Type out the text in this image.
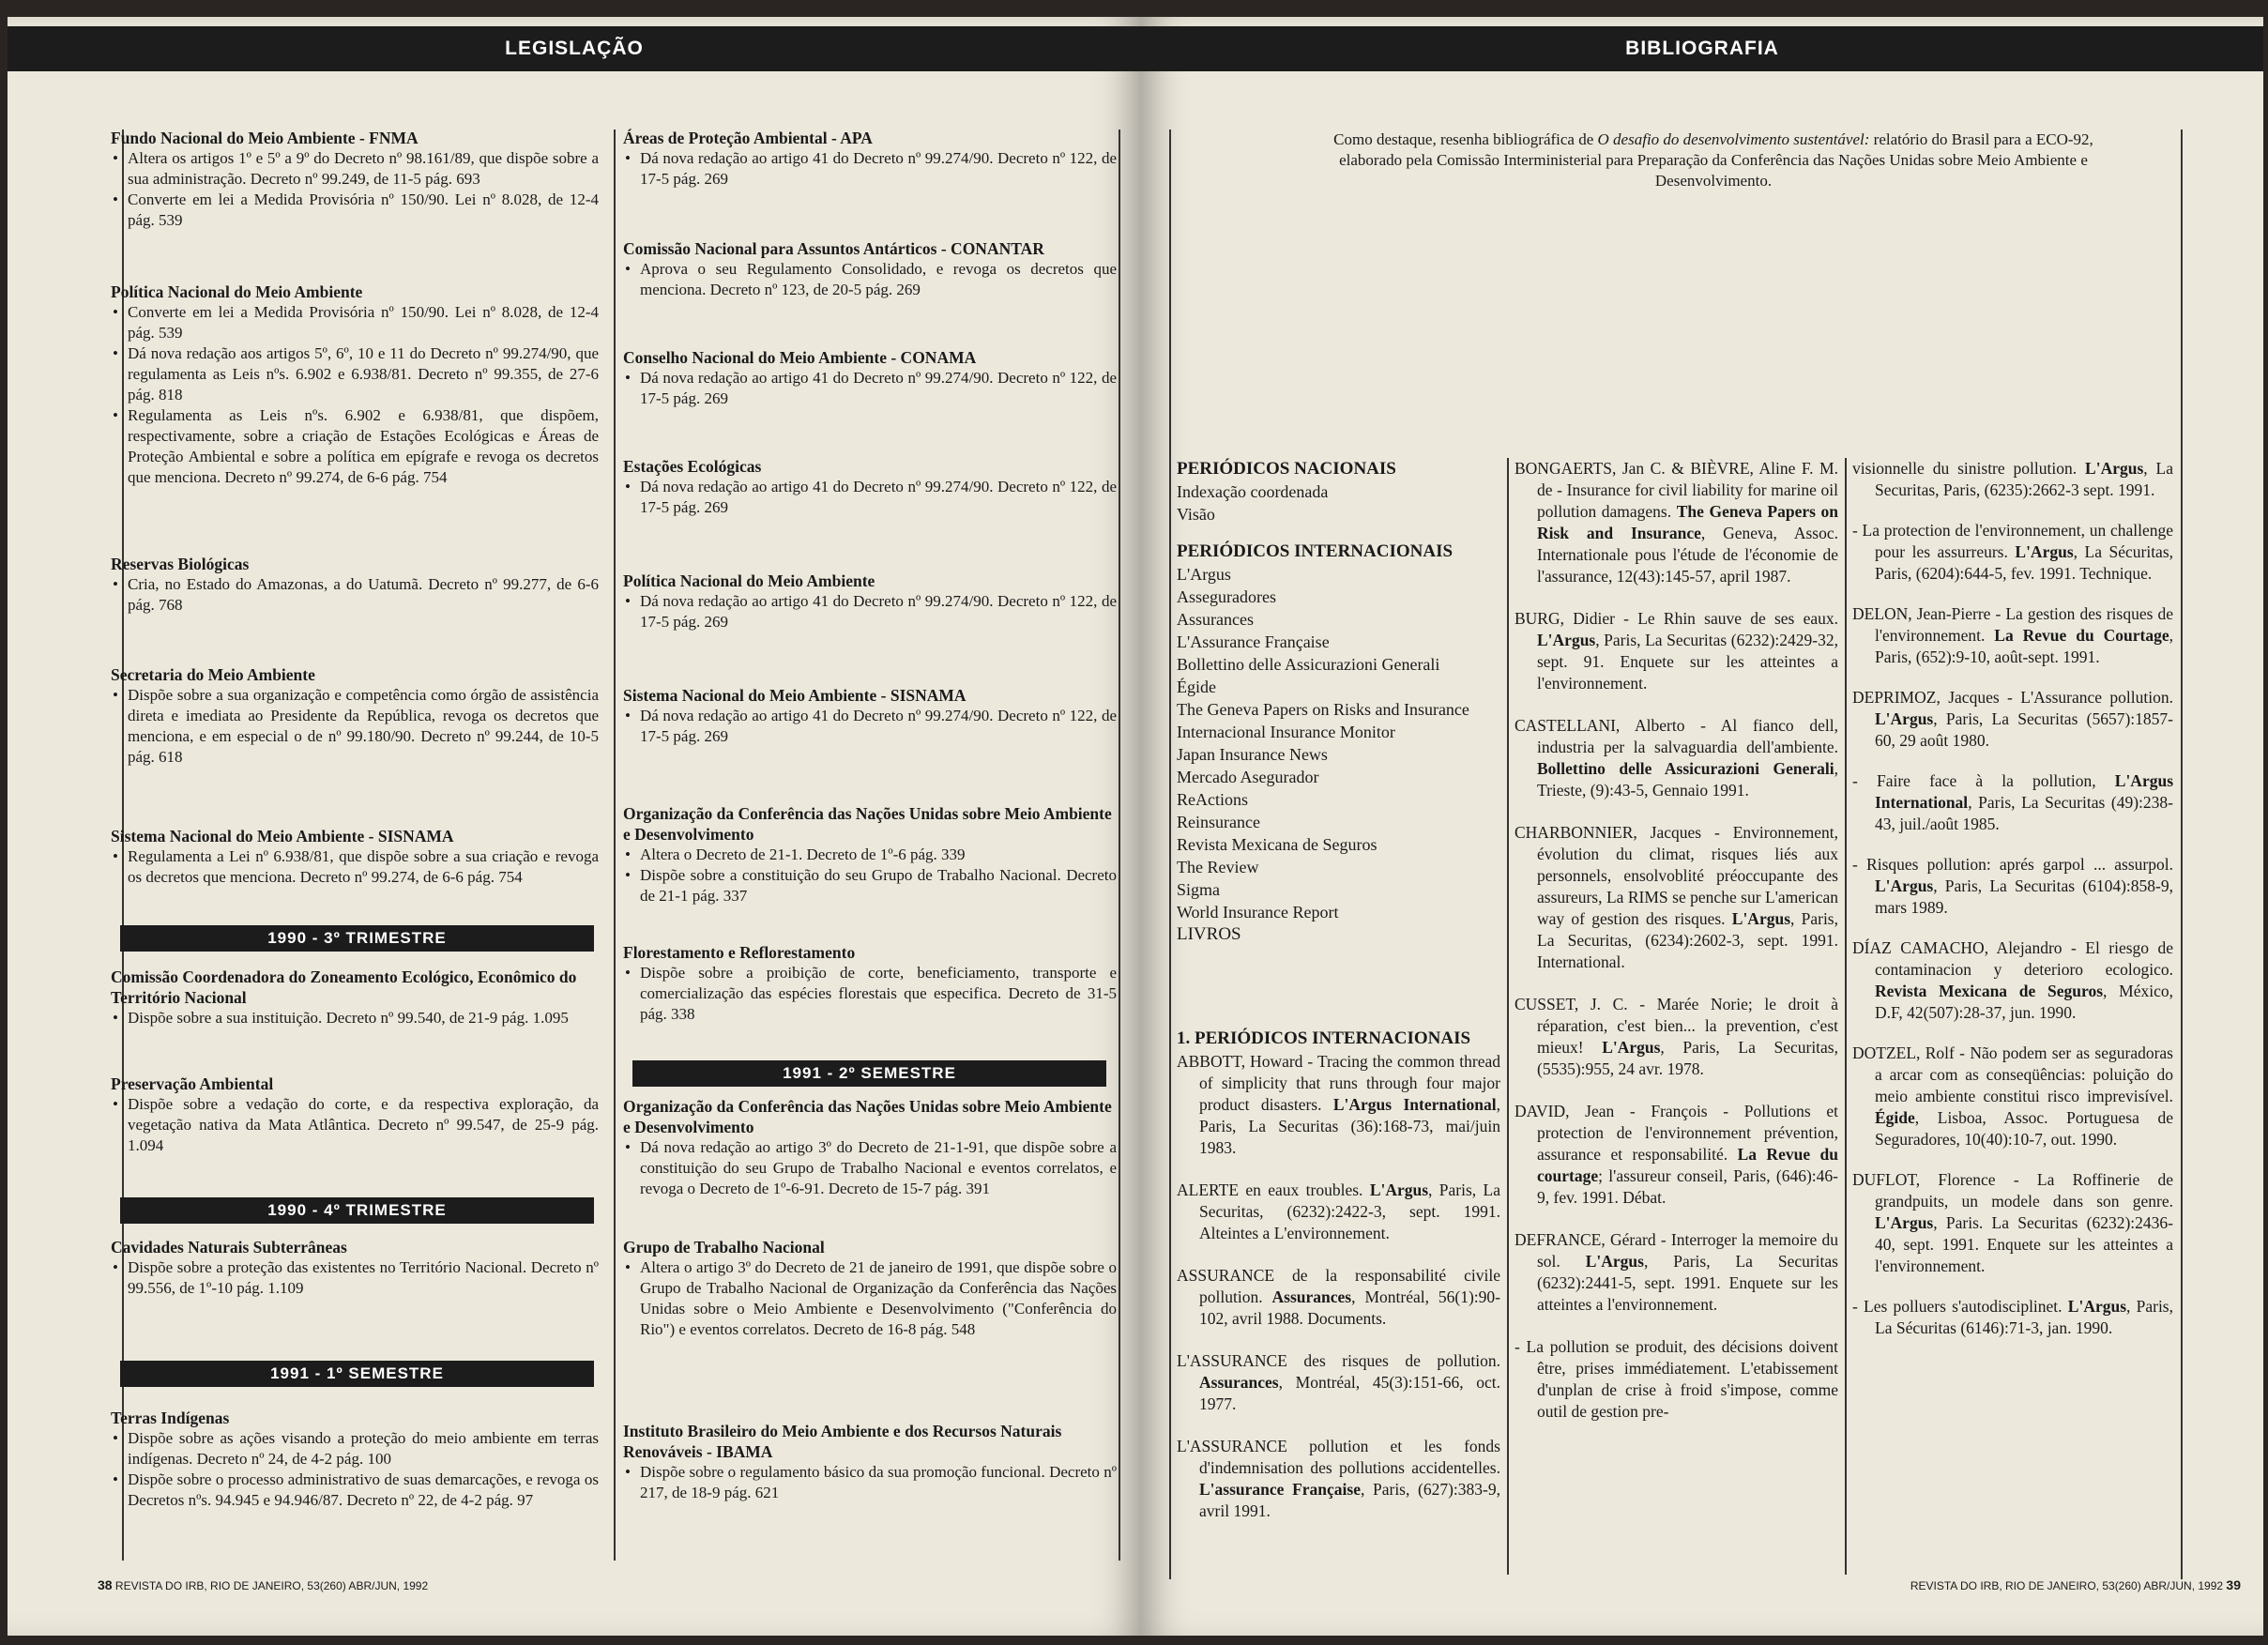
LEGISLAÇÃO
Fundo Nacional do Meio Ambiente - FNMA
• Altera os artigos 1º e 5º a 9º do Decreto nº 98.161/89, que dispõe sobre a sua administração. Decreto nº 99.249, de 11-5 pág. 693
• Converte em lei a Medida Provisória nº 150/90. Lei nº 8.028, de 12-4 pág. 539
Política Nacional do Meio Ambiente
• Converte em lei a Medida Provisória nº 150/90. Lei nº 8.028, de 12-4 pág. 539
• Dá nova redação aos artigos 5º, 6º, 10 e 11 do Decreto nº 99.274/90, que regulamenta as Leis nºs. 6.902 e 6.938/81. Decreto nº 99.355, de 27-6 pág. 818
• Regulamenta as Leis nºs. 6.902 e 6.938/81, que dispõem, respectivamente, sobre a criação de Estações Ecológicas e Áreas de Proteção Ambiental e sobre a política em epígrafe e revoga os decretos que menciona. Decreto nº 99.274, de 6-6 pág. 754
Reservas Biológicas
• Cria, no Estado do Amazonas, a do Uatumã. Decreto nº 99.277, de 6-6 pág. 768
Secretaria do Meio Ambiente
• Dispõe sobre a sua organização e competência como órgão de assistência direta e imediata ao Presidente da República, revoga os decretos que menciona, e em especial o de nº 99.180/90. Decreto nº 99.244, de 10-5 pág. 618
Sistema Nacional do Meio Ambiente - SISNAMA
• Regulamenta a Lei nº 6.938/81, que dispõe sobre a sua criação e revoga os decretos que menciona. Decreto nº 99.274, de 6-6 pág. 754
1990 - 3º TRIMESTRE
Comissão Coordenadora do Zoneamento Ecológico, Econômico do Território Nacional
• Dispõe sobre a sua instituição. Decreto nº 99.540, de 21-9 pág. 1.095
Preservação Ambiental
• Dispõe sobre a vedação do corte, e da respectiva exploração, da vegetação nativa da Mata Atlântica. Decreto nº 99.547, de 25-9 pág. 1.094
1990 - 4º TRIMESTRE
Cavidades Naturais Subterrâneas
• Dispõe sobre a proteção das existentes no Território Nacional. Decreto nº 99.556, de 1º-10 pág. 1.109
1991 - 1º SEMESTRE
Terras Indígenas
• Dispõe sobre as ações visando a proteção do meio ambiente em terras indígenas. Decreto nº 24, de 4-2 pág. 100
• Dispõe sobre o processo administrativo de suas demarcações, e revoga os Decretos nºs. 94.945 e 94.946/87. Decreto nº 22, de 4-2 pág. 97
Áreas de Proteção Ambiental - APA
• Dá nova redação ao artigo 41 do Decreto nº 99.274/90. Decreto nº 122, de 17-5 pág. 269
Comissão Nacional para Assuntos Antárticos - CONANTAR
• Aprova o seu Regulamento Consolidado, e revoga os decretos que menciona. Decreto nº 123, de 20-5 pág. 269
Conselho Nacional do Meio Ambiente - CONAMA
• Dá nova redação ao artigo 41 do Decreto nº 99.274/90. Decreto nº 122, de 17-5 pág. 269
Estações Ecológicas
• Dá nova redação ao artigo 41 do Decreto nº 99.274/90. Decreto nº 122, de 17-5 pág. 269
Política Nacional do Meio Ambiente
• Dá nova redação ao artigo 41 do Decreto nº 99.274/90. Decreto nº 122, de 17-5 pág. 269
Sistema Nacional do Meio Ambiente - SISNAMA
• Dá nova redação ao artigo 41 do Decreto nº 99.274/90. Decreto nº 122, de 17-5 pág. 269
Organização da Conferência das Nações Unidas sobre Meio Ambiente e Desenvolvimento
• Altera o Decreto de 21-1. Decreto de 1º-6 pág. 339
• Dispõe sobre a constituição do seu Grupo de Trabalho Nacional. Decreto de 21-1 pág. 337
Florestamento e Reflorestamento
• Dispõe sobre a proibição de corte, beneficiamento, transporte e comercialização das espécies florestais que especifica. Decreto de 31-5 pág. 338
1991 - 2º SEMESTRE
Organização da Conferência das Nações Unidas sobre Meio Ambiente e Desenvolvimento
• Dá nova redação ao artigo 3º do Decreto de 21-1-91, que dispõe sobre a constituição do seu Grupo de Trabalho Nacional e eventos correlatos, e revoga o Decreto de 1º-6-91. Decreto de 15-7 pág. 391
Grupo de Trabalho Nacional
• Altera o artigo 3º do Decreto de 21 de janeiro de 1991, que dispõe sobre o Grupo de Trabalho Nacional de Organização da Conferência das Nações Unidas sobre o Meio Ambiente e Desenvolvimento ("Conferência do Rio") e eventos correlatos. Decreto de 16-8 pág. 548
Instituto Brasileiro do Meio Ambiente e dos Recursos Naturais Renováveis - IBAMA
• Dispõe sobre o regulamento básico da sua promoção funcional. Decreto nº 217, de 18-9 pág. 621
38 REVISTA DO IRB, RIO DE JANEIRO, 53(260) ABR/JUN, 1992
BIBLIOGRAFIA
Como destaque, resenha bibliográfica de O desafio do desenvolvimento sustentável: relatório do Brasil para a ECO-92, elaborado pela Comissão Interministerial para Preparação da Conferência das Nações Unidas sobre Meio Ambiente e Desenvolvimento.
PERIÓDICOS NACIONAIS
Indexação coordenada
Visão
PERIÓDICOS INTERNACIONAIS
L'Argus
Asseguradores
Assurances
L'Assurance Française
Bollettino delle Assicurazioni Generali
Égide
The Geneva Papers on Risks and Insurance
Internacional Insurance Monitor
Japan Insurance News
Mercado Asegurador
ReActions
Reinsurance
Revista Mexicana de Seguros
The Review
Sigma
World Insurance Report
LIVROS
1. PERIÓDICOS INTERNACIONAIS
ABBOTT, Howard - Tracing the common thread of simplicity that runs through four major product disasters. L'Argus International, Paris, La Securitas (36):168-73, mai/juin 1983.
ALERTE en eaux troubles. L'Argus, Paris, La Securitas, (6232):2422-3, sept. 1991. Alteintes a L'environnement.
ASSURANCE de la responsabilité civile pollution. Assurances, Montréal, 56(1):90-102, avril 1988. Documents.
L'ASSURANCE des risques de pollution. Assurances, Montréal, 45(3):151-66, oct. 1977.
L'ASSURANCE pollution et les fonds d'indemnisation des pollutions accidentelles. L'assurance Française, Paris, (627):383-9, avril 1991.
BONGAERTS, Jan C. & BIÈVRE, Aline F. M. de - Insurance for civil liability for marine oil pollution damagens. The Geneva Papers on Risk and Insurance, Geneva, Assoc. Internationale pous l'étude de l'économie de l'assurance, 12(43):145-57, april 1987.
BURG, Didier - Le Rhin sauve de ses eaux. L'Argus, Paris, La Securitas (6232):2429-32, sept. 91. Enquete sur les atteintes a l'environnement.
CASTELLANI, Alberto - Al fianco dell, industria per la salvaguardia dell'ambiente. Bollettino delle Assicurazioni Generali, Trieste, (9):43-5, Gennaio 1991.
CHARBONNIER, Jacques - Environnement, évolution du climat, risques liés aux personnels, ensolvoblité préoccupante des assureurs, La RIMS se penche sur L'american way of gestion des risques. L'Argus, Paris, La Securitas, (6234):2602-3, sept. 1991. International.
CUSSET, J. C. - Marée Norie; le droit à réparation, c'est bien... la prevention, c'est mieux! L'Argus, Paris, La Securitas, (5535):955, 24 avr. 1978.
DAVID, Jean - François - Pollutions et protection de l'environnement prévention, assurance et responsabilité. La Revue du courtage; l'assureur conseil, Paris, (646):46-9, fev. 1991. Débat.
DEFRANCE, Gérard - Interroger la memoire du sol. L'Argus, Paris, La Securitas (6232):2441-5, sept. 1991. Enquete sur les atteintes a l'environnement.
- La pollution se produit, des décisions doivent être, prises immédiatement. L'etabissement d'unplan de crise à froid s'impose, comme outil de gestion pre-
visionnelle du sinistre pollution. L'Argus, La Securitas, Paris, (6235):2662-3 sept. 1991.
- La protection de l'environnement, un challenge pour les assurreurs. L'Argus, La Sécuritas, Paris, (6204):644-5, fev. 1991. Technique.
DELON, Jean-Pierre - La gestion des risques de l'environnement. La Revue du Courtage, Paris, (652):9-10, août-sept. 1991.
DEPRIMOZ, Jacques - L'Assurance pollution. L'Argus, Paris, La Securitas (5657):1857-60, 29 août 1980.
- Faire face à la pollution, L'Argus International, Paris, La Securitas (49):238-43, juil./août 1985.
- Risques pollution: aprés garpol ... assurpol. L'Argus, Paris, La Securitas (6104):858-9, mars 1989.
DÍAZ CAMACHO, Alejandro - El riesgo de contaminacion y deterioro ecologico. Revista Mexicana de Seguros, México, D.F, 42(507):28-37, jun. 1990.
DOTZEL, Rolf - Não podem ser as seguradoras a arcar com as conseqüências: poluição do meio ambiente constitui risco imprevisível. Égide, Lisboa, Assoc. Portuguesa de Seguradores, 10(40):10-7, out. 1990.
DUFLOT, Florence - La Roffinerie de grandpuits, un modele dans son genre. L'Argus, Paris. La Securitas (6232):2436-40, sept. 1991. Enquete sur les atteintes a l'environnement.
- Les polluers s'autodisciplinet. L'Argus, Paris, La Sécuritas (6146):71-3, jan. 1990.
REVISTA DO IRB, RIO DE JANEIRO, 53(260) ABR/JUN, 1992 39
